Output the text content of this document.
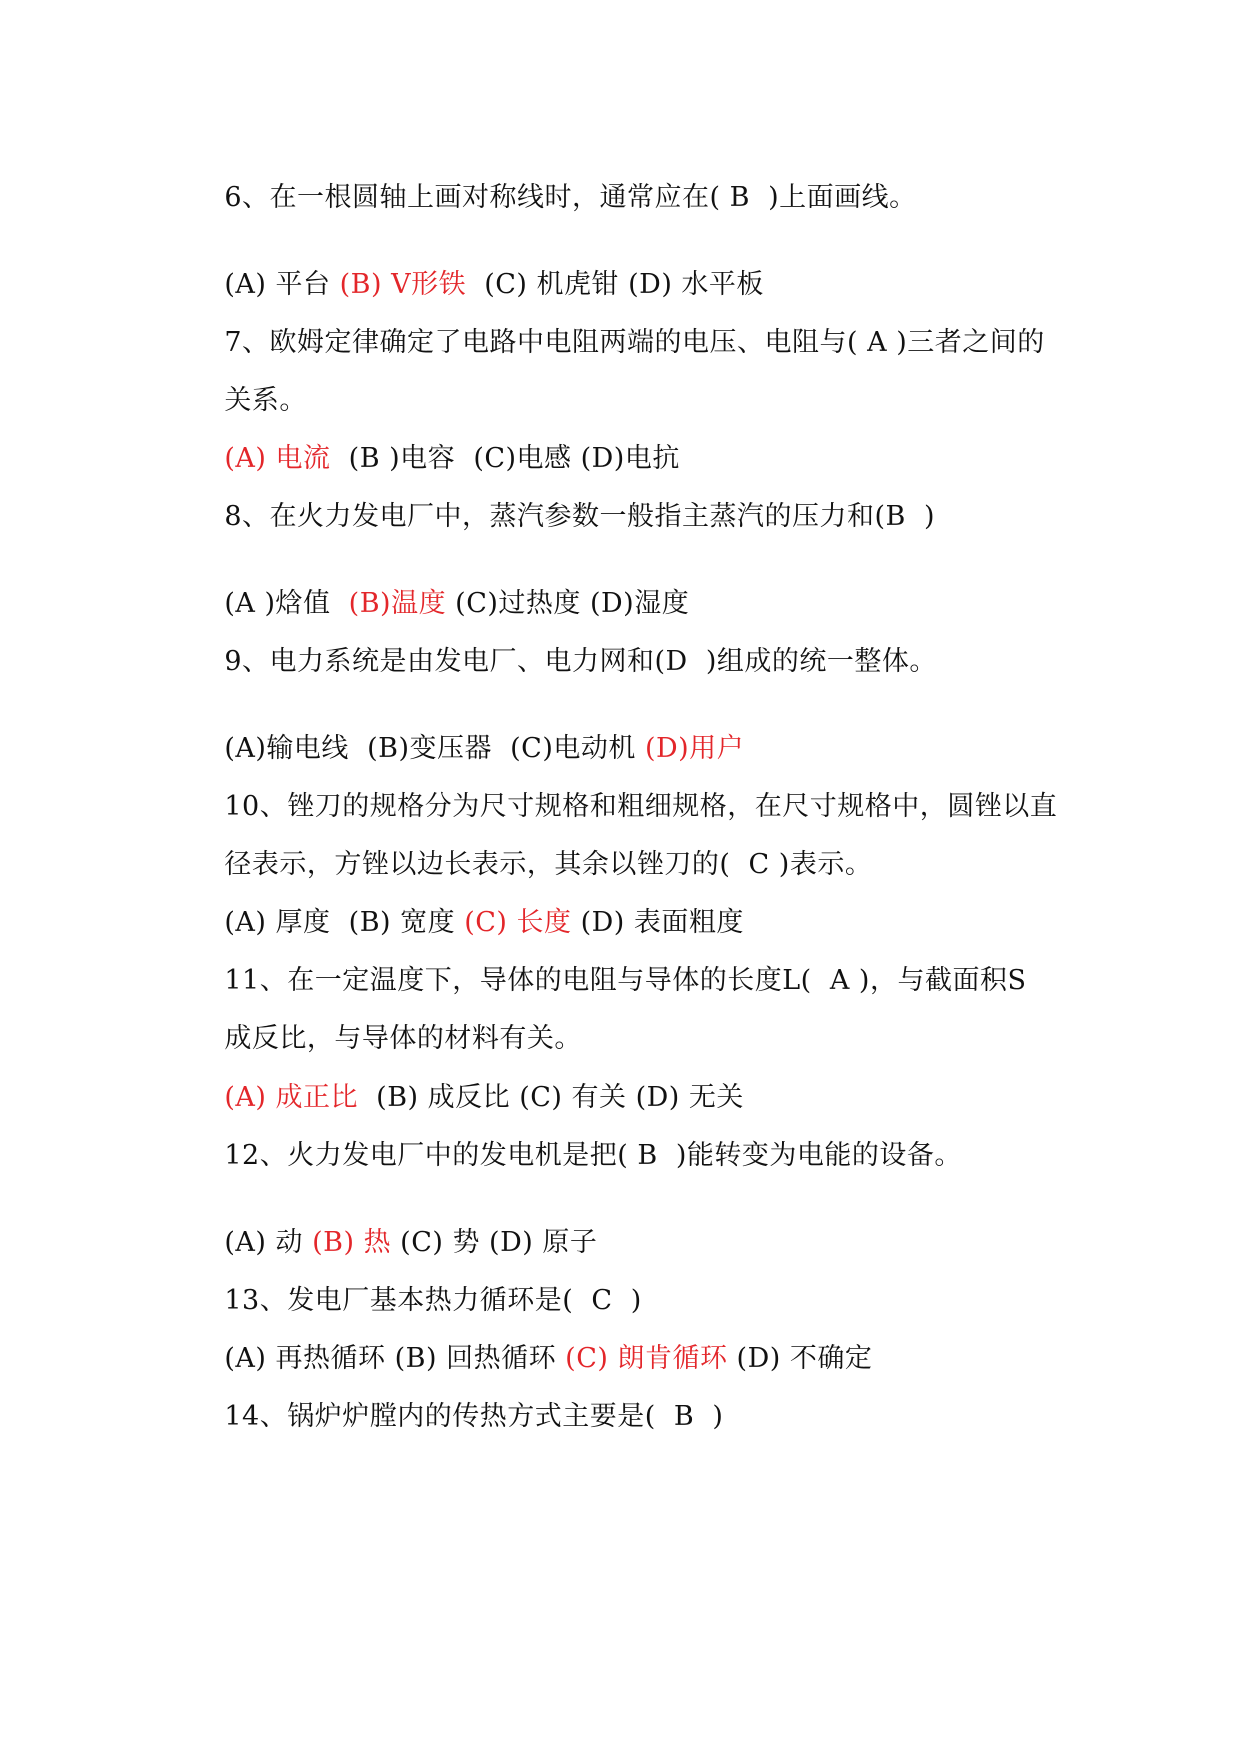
6、在一根圆轴上画对称线时，通常应在( B  )上面画线。

(A) 平台 (B) V形铁  (C) 机虎钳 (D) 水平板

7、欧姆定律确定了电路中电阻两端的电压、电阻与( A )三者之间的

关系。

(A) 电流  (B )电容  (C)电感 (D)电抗

8、在火力发电厂中，蒸汽参数一般指主蒸汽的压力和(B  )

(A )焓值  (B)温度 (C)过热度 (D)湿度

9、电力系统是由发电厂、电力网和(D  )组成的统一整体。

(A)输电线  (B)变压器  (C)电动机 (D)用户

10、锉刀的规格分为尺寸规格和粗细规格，在尺寸规格中，圆锉以直

径表示，方锉以边长表示，其余以锉刀的(  C )表示。

(A) 厚度  (B) 宽度 (C) 长度 (D) 表面粗度

11、在一定温度下，导体的电阻与导体的长度L(  A )，与截面积S

成反比，与导体的材料有关。

(A) 成正比  (B) 成反比 (C) 有关 (D) 无关

12、火力发电厂中的发电机是把( B  )能转变为电能的设备。

(A) 动 (B) 热 (C) 势 (D) 原子

13、发电厂基本热力循环是(  C  )

(A) 再热循环 (B) 回热循环 (C) 朗肯循环 (D) 不确定

14、锅炉炉膛内的传热方式主要是(  B  )
